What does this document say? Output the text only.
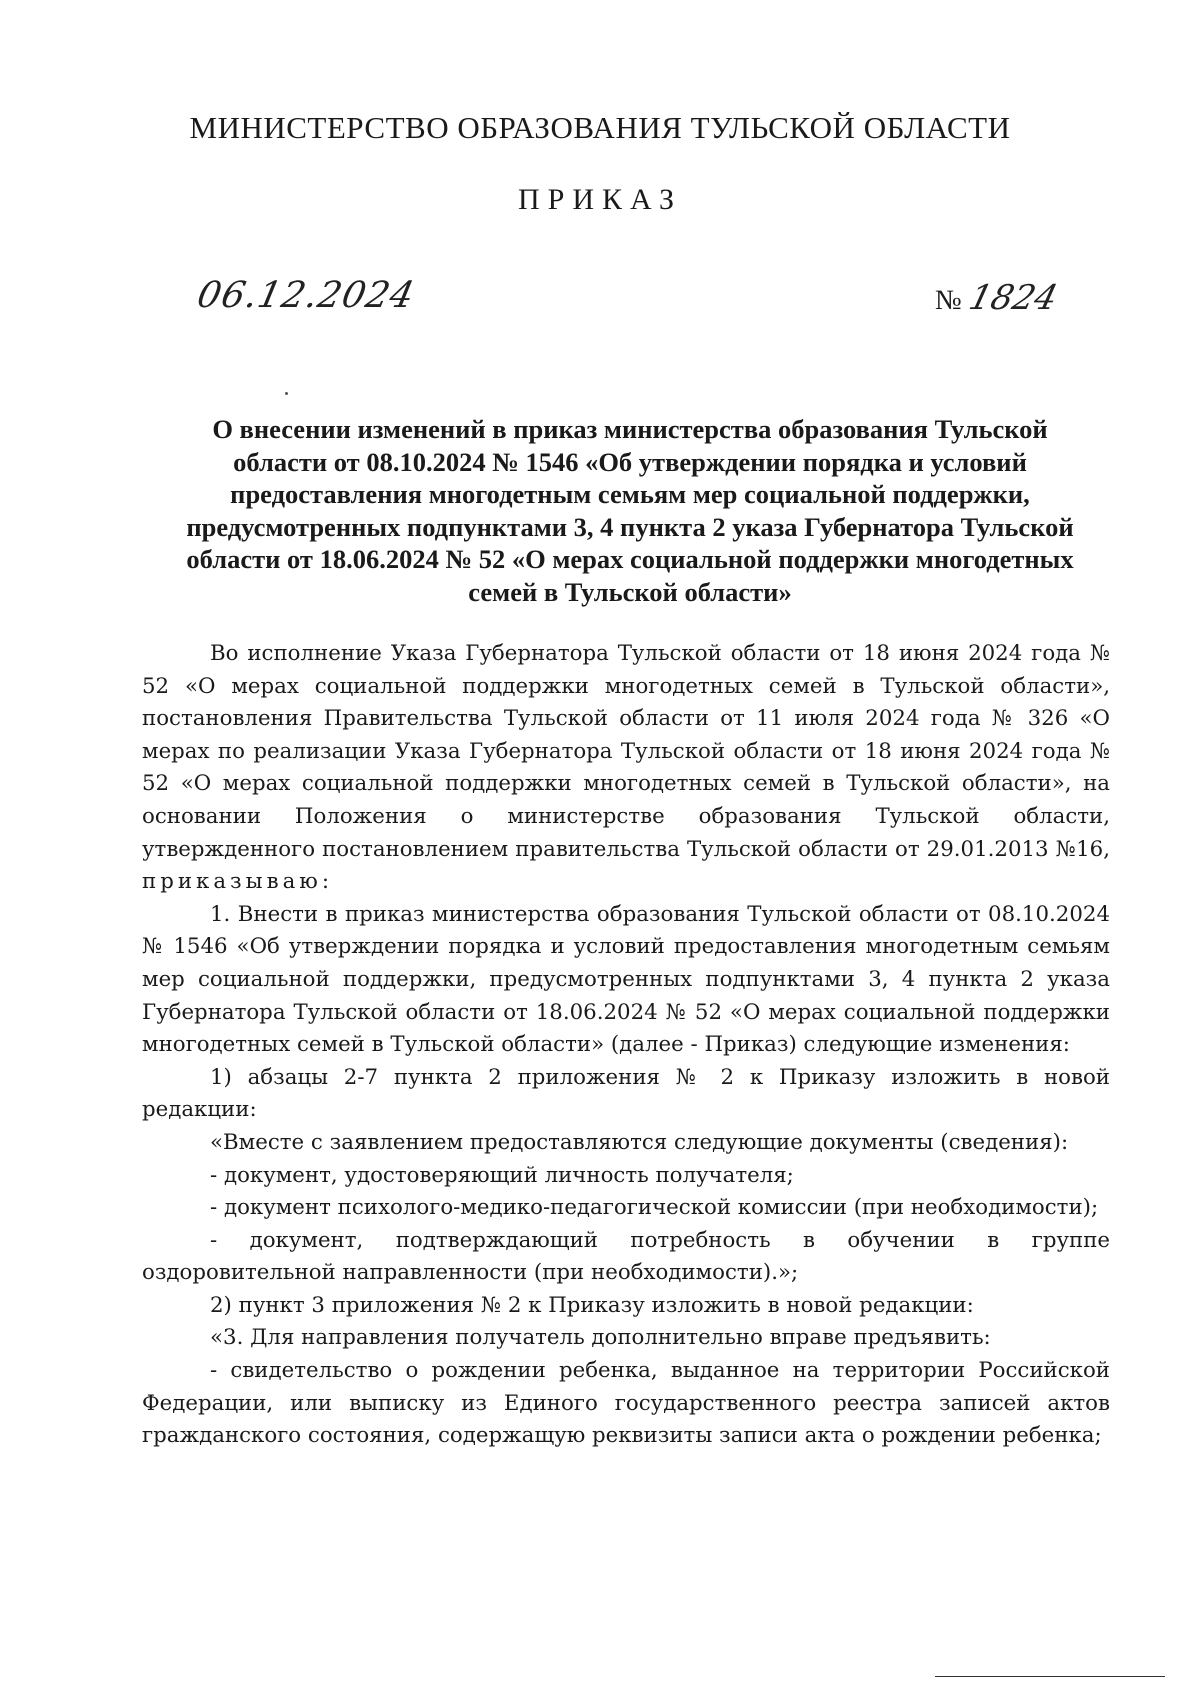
МИНИСТЕРСТВО ОБРАЗОВАНИЯ ТУЛЬСКОЙ ОБЛАСТИ
ПРИКАЗ
06.12.2024	№1824
О внесении изменений в приказ министерства образования Тульской
области от 08.10.2024 № 1546 «Об утверждении порядка и условий
предоставления многодетным семьям мер социальной поддержки,
предусмотренных подпунктами 3, 4 пункта 2 указа Губернатора Тульской
области от 18.06.2024 № 52 «О мерах социальной поддержки многодетных
семей в Тульской области»

Во исполнение Указа Губернатора Тульской области от 18 июня 2024 года № 52 «О мерах социальной поддержки многодетных семей в Тульской области», постановления Правительства Тульской области от 11 июля 2024 года № 326 «О мерах по реализации Указа Губернатора Тульской области от 18 июня 2024 года № 52 «О мерах социальной поддержки многодетных семей в Тульской области», на основании Положения о министерстве образования Тульской области, утвержденного постановлением правительства Тульской области от 29.01.2013 №16, приказываю:

1. Внести в приказ министерства образования Тульской области от 08.10.2024 № 1546 «Об утверждении порядка и условий предоставления многодетным семьям мер социальной поддержки, предусмотренных подпунктами 3, 4 пункта 2 указа Губернатора Тульской области от 18.06.2024 № 52 «О мерах социальной поддержки многодетных семей в Тульской области» (далее - Приказ) следующие изменения:

1) абзацы 2-7 пункта 2 приложения № 2 к Приказу изложить в новой редакции:

«Вместе с заявлением предоставляются следующие документы (сведения):

- документ, удостоверяющий личность получателя;

- документ психолого-медико-педагогической комиссии (при необходимости);

- документ, подтверждающий потребность в обучении в группе оздоровительной направленности (при необходимости).»;

2) пункт 3 приложения № 2 к Приказу изложить в новой редакции:

«3. Для направления получатель дополнительно вправе предъявить:

- свидетельство о рождении ребенка, выданное на территории Российской Федерации, или выписку из Единого государственного реестра записей актов гражданского состояния, содержащую реквизиты записи акта о рождении ребенка;
